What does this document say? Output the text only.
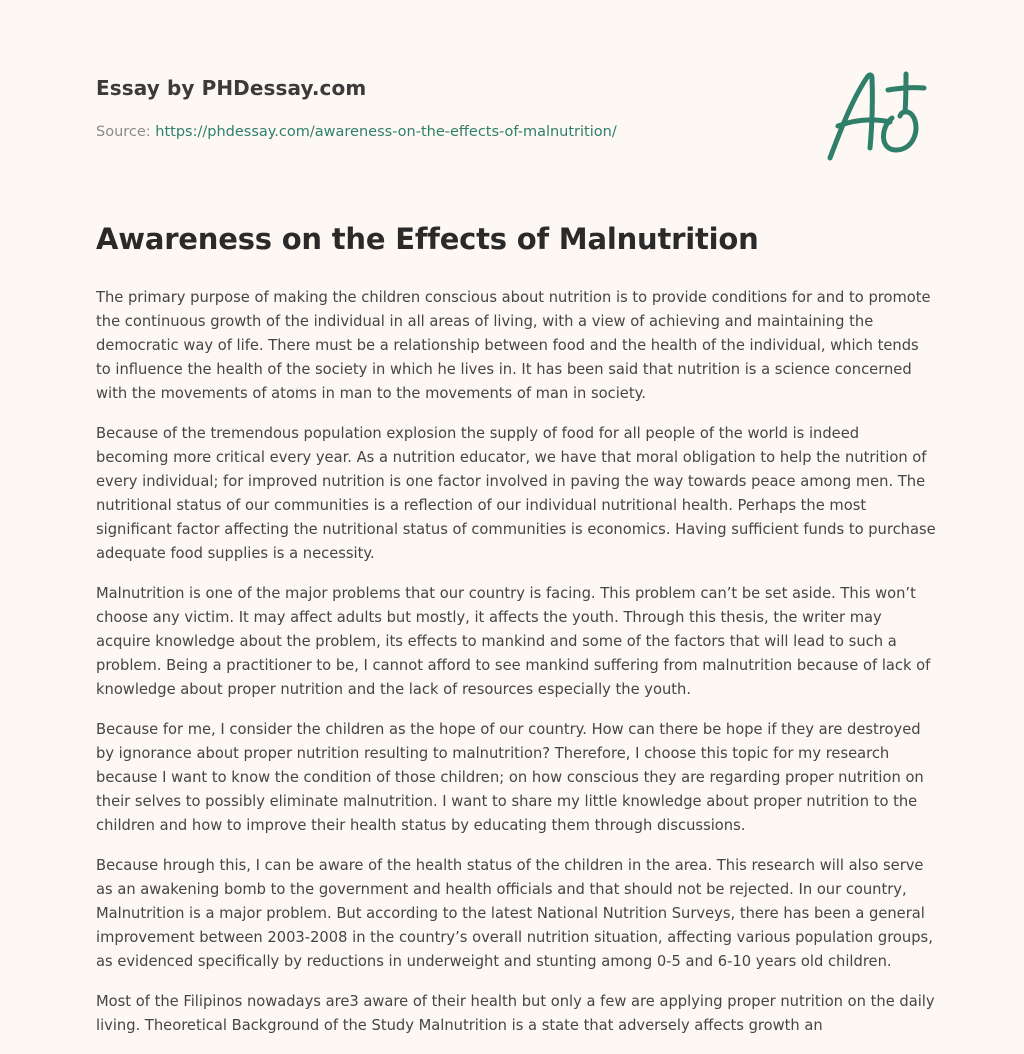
Essay by PHDessay.com
Source: https://phdessay.com/awareness-on-the-effects-of-malnutrition/
Awareness on the Effects of Malnutrition

The primary purpose of making the children conscious about nutrition is to provide conditions for and to promote the continuous growth of the individual in all areas of living, with a view of achieving and maintaining the democratic way of life. There must be a relationship between food and the health of the individual, which tends to influence the health of the society in which he lives in. It has been said that nutrition is a science concerned with the movements of atoms in man to the movements of man in society.

Because of the tremendous population explosion the supply of food for all people of the world is indeed becoming more critical every year. As a nutrition educator, we have that moral obligation to help the nutrition of every individual; for improved nutrition is one factor involved in paving the way towards peace among men. The nutritional status of our communities is a reflection of our individual nutritional health. Perhaps the most significant factor affecting the nutritional status of communities is economics. Having sufficient funds to purchase adequate food supplies is a necessity.

Malnutrition is one of the major problems that our country is facing. This problem can’t be set aside. This won’t choose any victim. It may affect adults but mostly, it affects the youth. Through this thesis, the writer may acquire knowledge about the problem, its effects to mankind and some of the factors that will lead to such a problem. Being a practitioner to be, I cannot afford to see mankind suffering from malnutrition because of lack of knowledge about proper nutrition and the lack of resources especially the youth.

Because for me, I consider the children as the hope of our country. How can there be hope if they are destroyed by ignorance about proper nutrition resulting to malnutrition? Therefore, I choose this topic for my research because I want to know the condition of those children; on how conscious they are regarding proper nutrition on their selves to possibly eliminate malnutrition. I want to share my little knowledge about proper nutrition to the children and how to improve their health status by educating them through discussions.

Because hrough this, I can be aware of the health status of the children in the area. This research will also serve as an awakening bomb to the government and health officials and that should not be rejected. In our country, Malnutrition is a major problem. But according to the latest National Nutrition Surveys, there has been a general improvement between 2003-2008 in the country’s overall nutrition situation, affecting various population groups, as evidenced specifically by reductions in underweight and stunting among 0-5 and 6-10 years old children.

Most of the Filipinos nowadays are3 aware of their health but only a few are applying proper nutrition on the daily living. Theoretical Background of the Study Malnutrition is a state that adversely affects growth an
